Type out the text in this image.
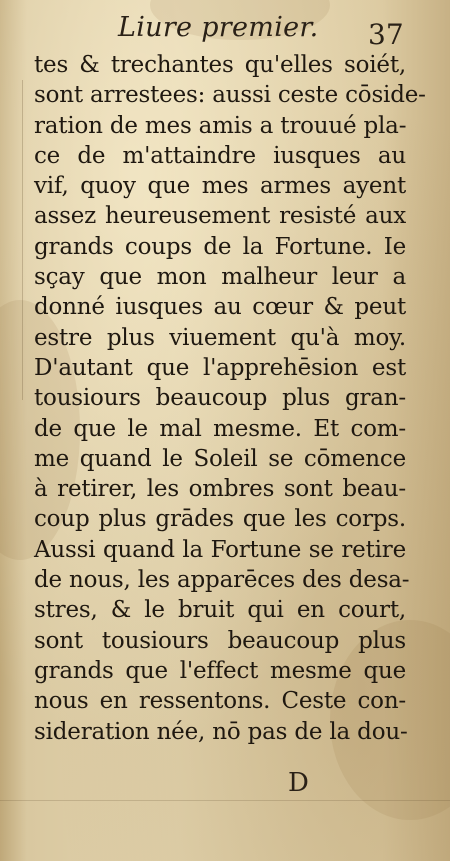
Liure premier. 37
tes & trechantes qu'elles soiét,
sont arrestees: aussi ceste cōside-
ration de mes amis a trouué pla-
ce de m'attaindre iusques au
vif, quoy que mes armes ayent
assez heureusement resisté aux
grands coups de la Fortune. Ie
sçay que mon malheur leur a
donné iusques au cœur & peut
estre plus viuement qu'à moy.
D'autant que l'apprehēsion est
tousiours beaucoup plus gran-
de que le mal mesme. Et com-
me quand le Soleil se cōmence
à retirer, les ombres sont beau-
coup plus grādes que les corps.
Aussi quand la Fortune se retire
de nous, les apparēces des desa-
stres, & le bruit qui en court,
sont tousiours beaucoup plus
grands que l'effect mesme que
nous en ressentons. Ceste con-
sideration née, nō pas de la dou-
D
